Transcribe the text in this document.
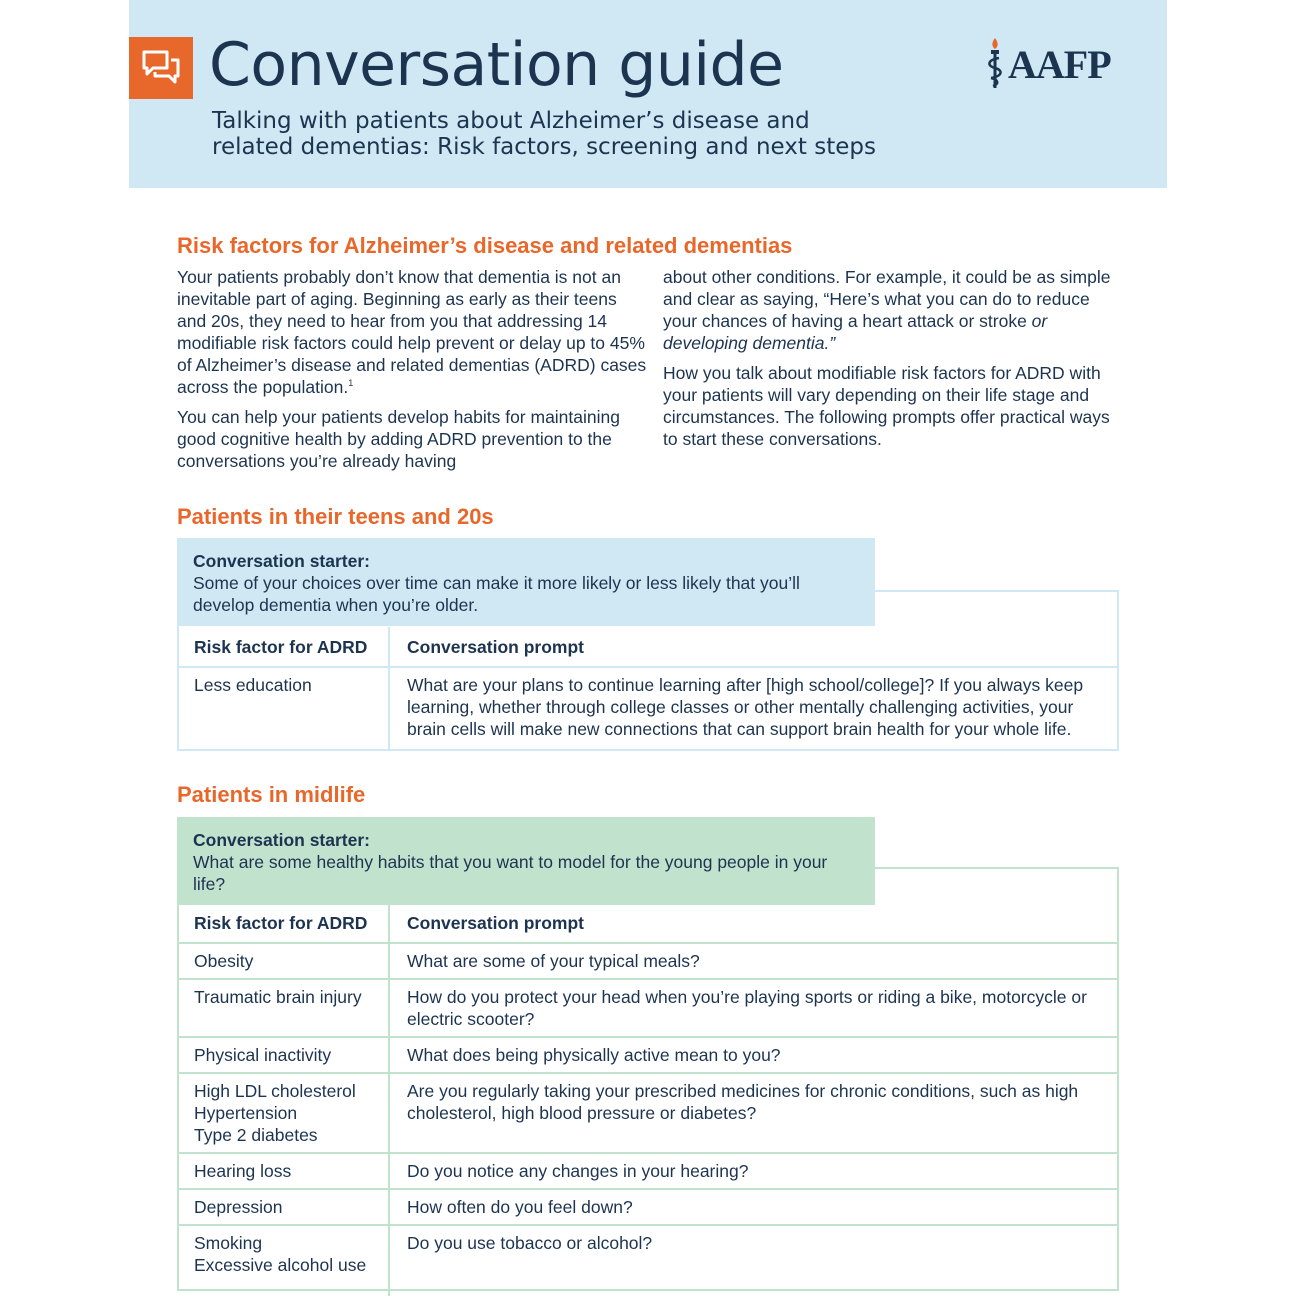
Conversation guide
Talking with patients about Alzheimer’s disease and
related dementias: Risk factors, screening and next steps
AAFP
Risk factors for Alzheimer’s disease and related dementias

Your patients probably don’t know that dementia is not an inevitable part of aging. Beginning as early as their teens and 20s, they need to hear from you that addressing 14 modifiable risk factors could help prevent or delay up to 45% of Alzheimer’s disease and related dementias (ADRD) cases across the population.$^1$

You can help your patients develop habits for maintaining good cognitive health by adding ADRD prevention to the conversations you’re already having

about other conditions. For example, it could be as simple and clear as saying, “Here’s what you can do to reduce your chances of having a heart attack or stroke or developing dementia.”

How you talk about modifiable risk factors for ADRD with your patients will vary depending on their life stage and circumstances. The following prompts offer practical ways to start these conversations.

Patients in their teens and 20s
Conversation starter:
Some of your choices over time can make it more likely or less likely that you’ll develop dementia when you’re older.
Risk factor for ADRD	Conversation prompt
Less education	What are your plans to continue learning after [high school/college]? If you always keep learning, whether through college classes or other mentally challenging activities, your brain cells will make new connections that can support brain health for your whole life.
Patients in midlife
Conversation starter:
What are some healthy habits that you want to model for the young people in your life?
Risk factor for ADRD	Conversation prompt

Obesity	What are some of your typical meals?

Traumatic brain injury	How do you protect your head when you’re playing sports or riding a bike, motorcycle or electric scooter?

Physical inactivity	What does being physically active mean to you?

High LDL cholesterol
Hypertension
Type 2 diabetes	Are you regularly taking your prescribed medicines for chronic conditions, such as high cholesterol, high blood pressure or diabetes?

Hearing loss	Do you notice any changes in your hearing?

Depression	How often do you feel down?

Smoking
Excessive alcohol use	Do you use tobacco or alcohol?
